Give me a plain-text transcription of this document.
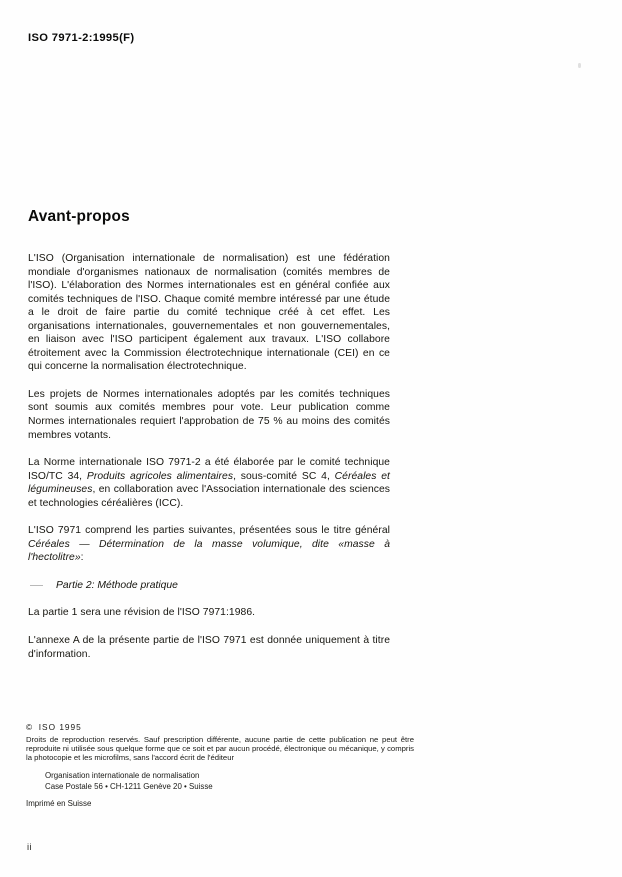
ISO 7971-2:1995(F)
Avant-propos

L'ISO (Organisation internationale de normalisation) est une fédération mondiale d'organismes nationaux de normalisation (comités membres de l'ISO). L'élaboration des Normes internationales est en général confiée aux comités techniques de l'ISO. Chaque comité membre intéressé par une étude a le droit de faire partie du comité technique créé à cet effet. Les organisations internationales, gouvernementales et non gouvernementales, en liaison avec l'ISO participent également aux travaux. L'ISO collabore étroitement avec la Commission électrotechnique internationale (CEI) en ce qui concerne la normalisation électrotechnique.

Les projets de Normes internationales adoptés par les comités techniques sont soumis aux comités membres pour vote. Leur publication comme Normes internationales requiert l'approbation de 75 % au moins des comités membres votants.

La Norme internationale ISO 7971-2 a été élaborée par le comité technique ISO/TC 34, Produits agricoles alimentaires, sous-comité SC 4, Céréales et légumineuses, en collaboration avec l'Association internationale des sciences et technologies céréalières (ICC).

L'ISO 7971 comprend les parties suivantes, présentées sous le titre général Céréales — Détermination de la masse volumique, dite «masse à l'hectolitre»:

Partie 2: Méthode pratique

La partie 1 sera une révision de l'ISO 7971:1986.

L'annexe A de la présente partie de l'ISO 7971 est donnée uniquement à titre d'information.

© ISO 1995

Droits de reproduction reservés. Sauf prescription différente, aucune partie de cette publication ne peut être reproduite ni utilisée sous quelque forme que ce soit et par aucun procédé, électronique ou mécanique, y compris la photocopie et les microfilms, sans l'accord écrit de l'éditeur

Organisation internationale de normalisation
Case Postale 56 • CH-1211 Genève 20 • Suisse
Imprimé en Suisse
ii
